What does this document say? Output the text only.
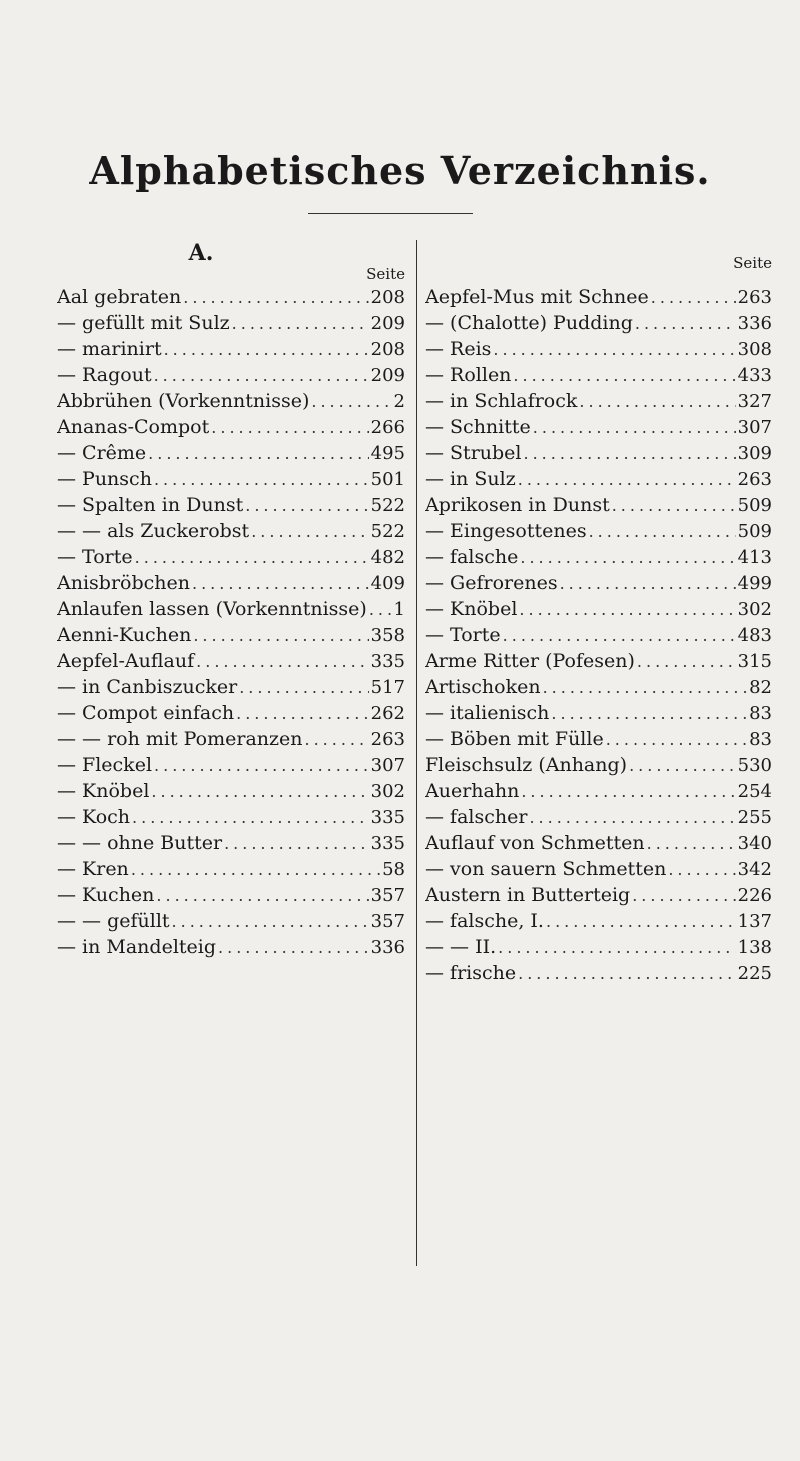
Alphabetisches Verzeichnis.
A.
Seite
Aal gebraten .....	208
— gefüllt mit Sulz .....	209
— marinirt .....	208
— Ragout .....	209
Abbrühen (Vorkenntnisse) .....	2
Ananas-Compot .....	266
— Crême .....	495
— Punsch .....	501
— Spalten in Dunst .....	522
— — als Zuckerobst .....	522
— Torte .....	482
Anisbröbchen .....	409
Anlaufen lassen (Vorkenntnisse) ..... 1
Aenni-Kuchen .....	358
Aepfel-Auflauf .....	335
— in Canbiszucker .....	517
— Compot einfach .....	262
— — roh mit Pomeranzen .....	263
— Fleckel .....	307
— Knöbel .....	302
— Koch .....	335
— — ohne Butter .....	335
— Kren .....	58
— Kuchen .....	357
— — gefüllt .....	357
— in Mandelteig .....	336
Seite
Aepfel-Mus mit Schnee .....	263
— (Chalotte) Pudding .....	336
— Reis .....	308
— Rollen .....	433
— in Schlafrock .....	327
— Schnitte .....	307
— Strubel .....	309
— in Sulz .....	263
Aprikosen in Dunst .....	509
— Eingesottenes .....	509
— falsche .....	413
— Gefrorenes .....	499
— Knöbel .....	302
— Torte .....	483
Arme Ritter (Pofesen) .....	315
Artischoken .....	82
— italienisch .....	83
— Böben mit Fülle .....	83
Fleischsulz (Anhang) .....	530
Auerhahn .....	254
— falscher .....	255
Auflauf von Schmetten .....	340
— von sauern Schmetten .....	342
Austern in Butterteig .....	226
— falsche, I. .....	137
— — II. .....	138
— frische .....	225
